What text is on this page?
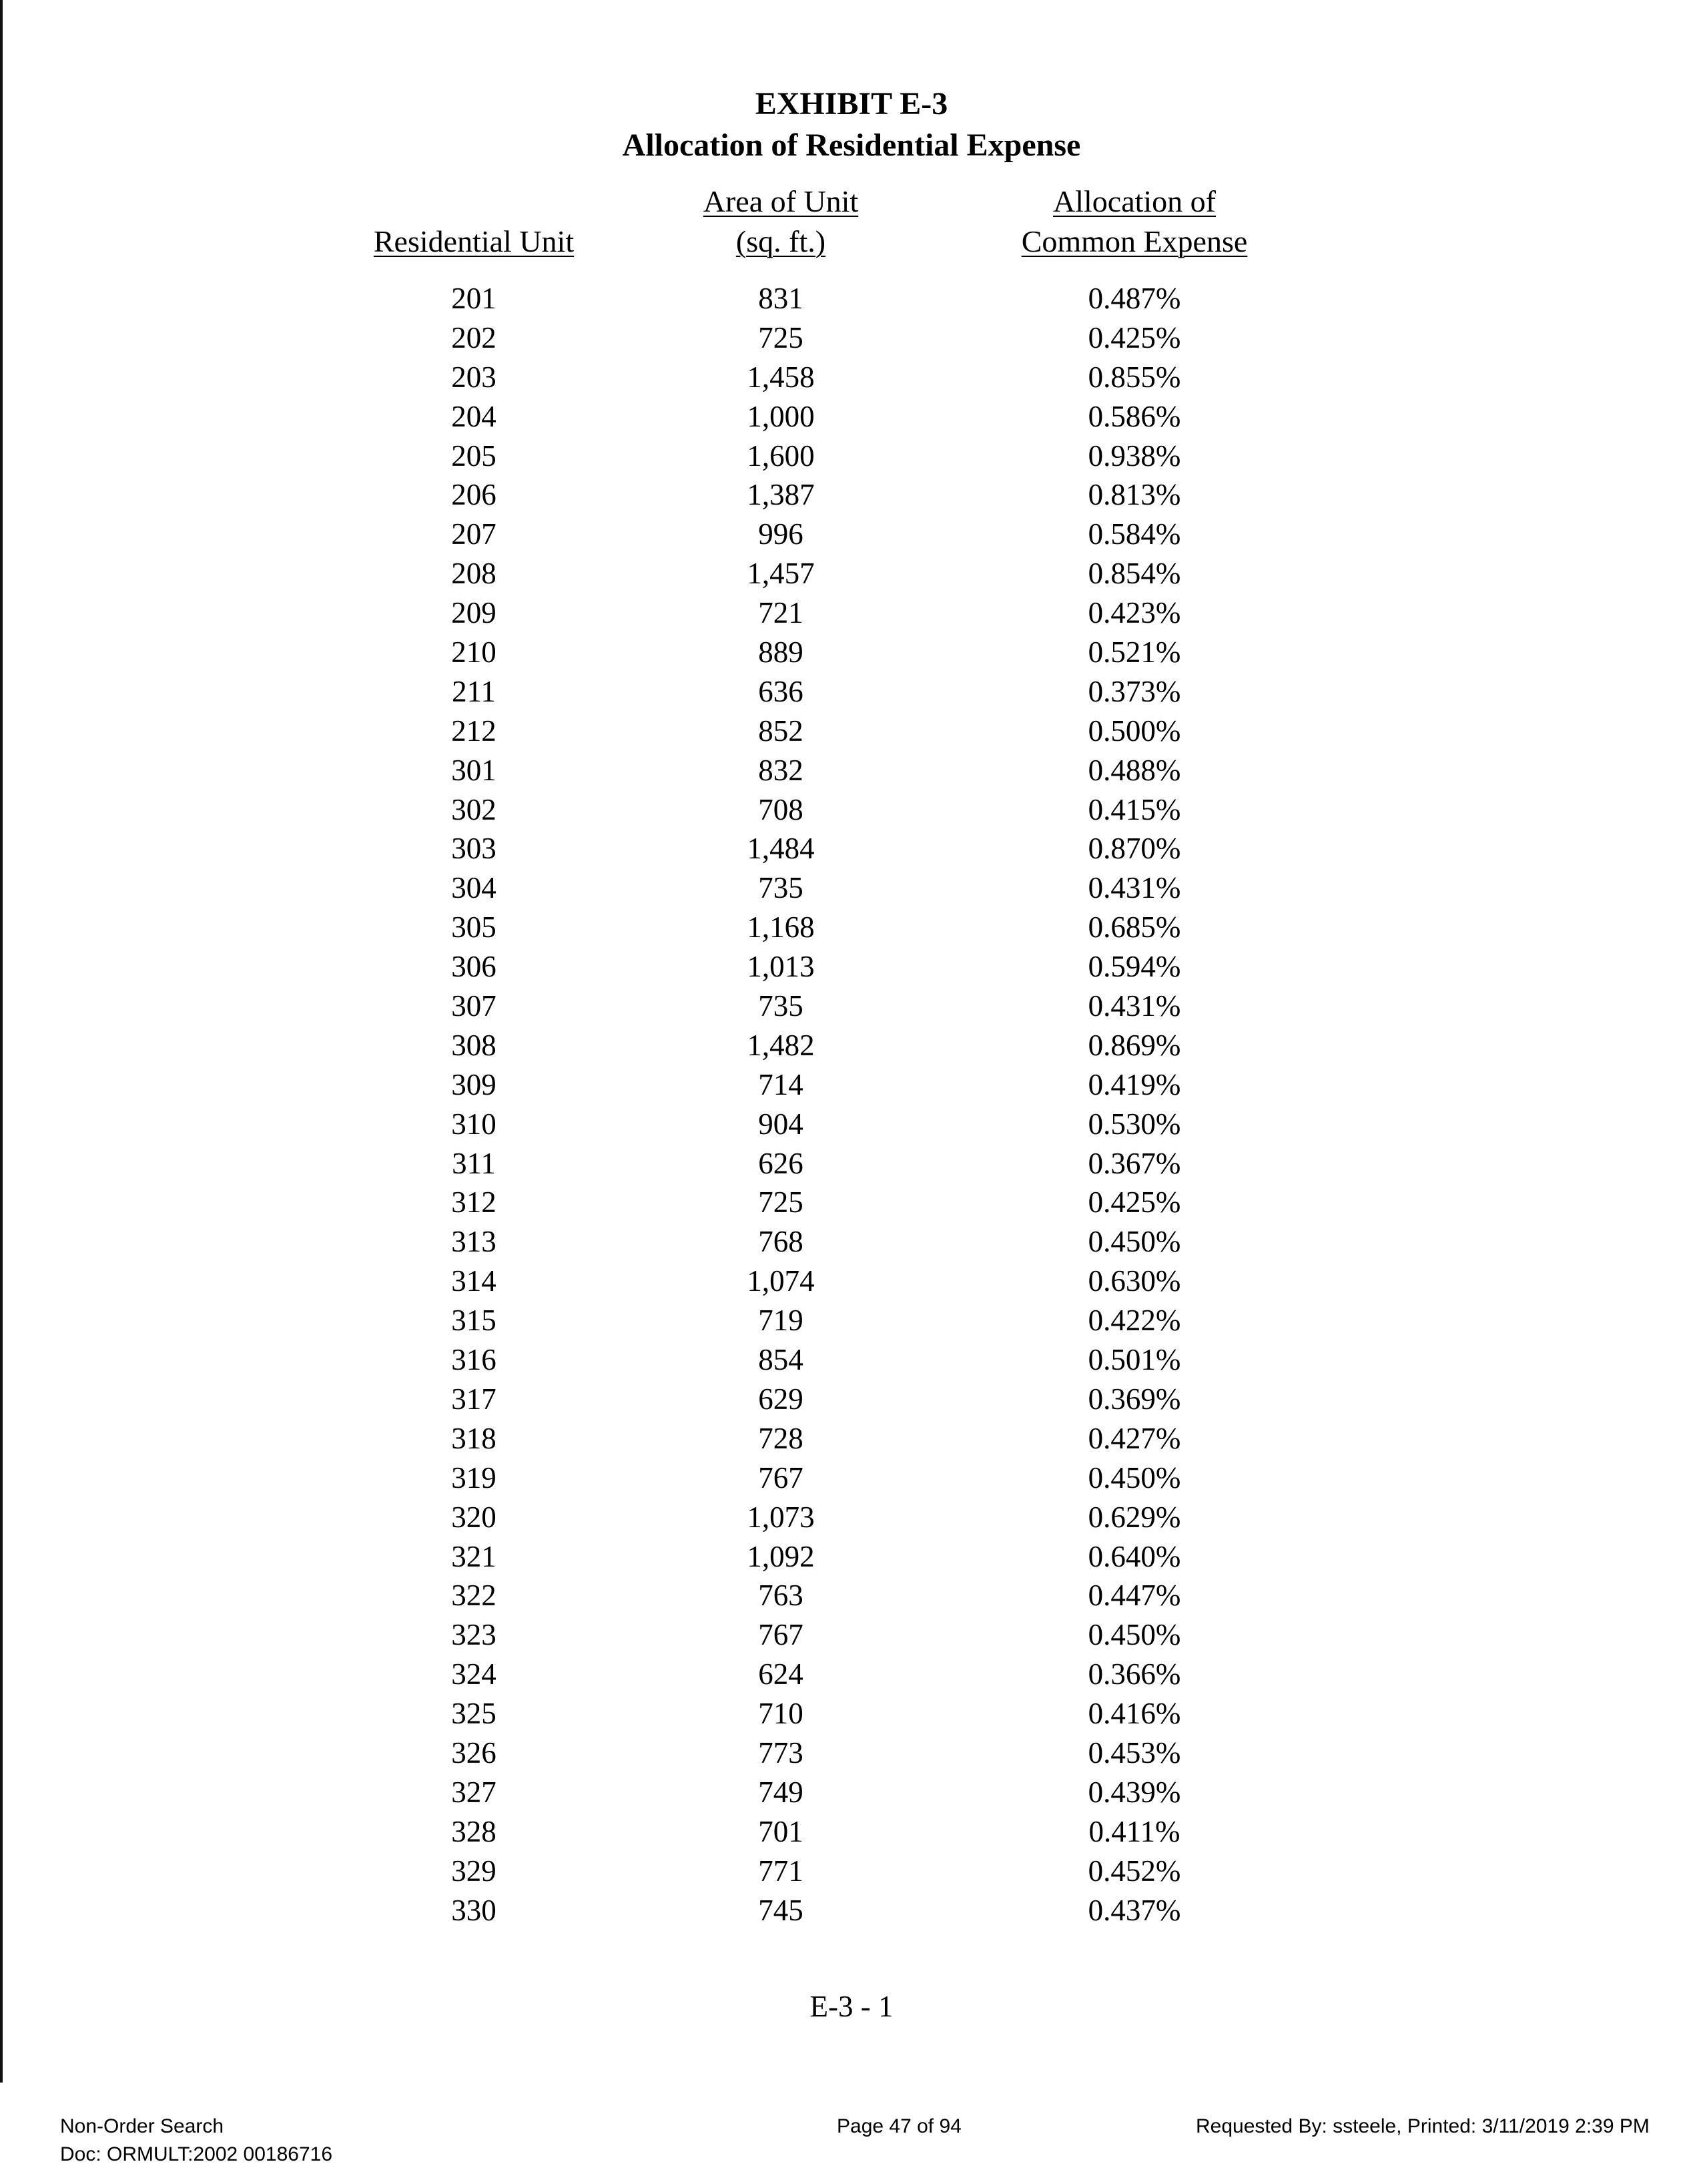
EXHIBIT E-3
Allocation of Residential Expense
Residential Unit
Area of Unit
(sq. ft.)
Allocation of
Common Expense
201	831	0.487%
202	725	0.425%
203	1,458	0.855%
204	1,000	0.586%
205	1,600	0.938%
206	1,387	0.813%
207	996	0.584%
208	1,457	0.854%
209	721	0.423%
210	889	0.521%
211	636	0.373%
212	852	0.500%
301	832	0.488%
302	708	0.415%
303	1,484	0.870%
304	735	0.431%
305	1,168	0.685%
306	1,013	0.594%
307	735	0.431%
308	1,482	0.869%
309	714	0.419%
310	904	0.530%
311	626	0.367%
312	725	0.425%
313	768	0.450%
314	1,074	0.630%
315	719	0.422%
316	854	0.501%
317	629	0.369%
318	728	0.427%
319	767	0.450%
320	1,073	0.629%
321	1,092	0.640%
322	763	0.447%
323	767	0.450%
324	624	0.366%
325	710	0.416%
326	773	0.453%
327	749	0.439%
328	701	0.411%
329	771	0.452%
330	745	0.437%
E-3 - 1
Non-Order Search
Doc: ORMULT:2002 00186716
Page 47 of 94	Requested By: ssteele, Printed: 3/11/2019 2:39 PM
